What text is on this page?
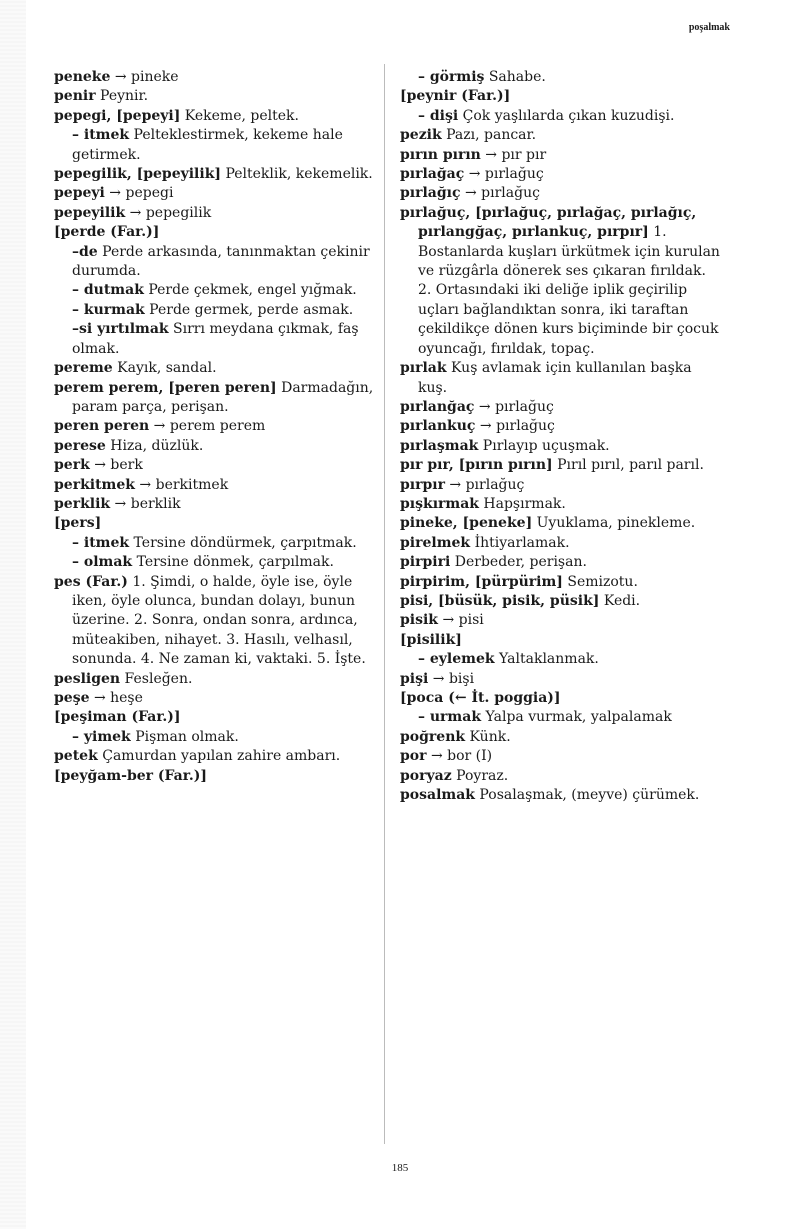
poşalmak

peneke → pineke

penir Peynir.

pepegi, [pepeyi] Kekeme, peltek.

– itmek Pelteklestirmek, kekeme hale getirmek.

pepegilik, [pepeyilik] Pelteklik, kekemelik.

pepeyi → pepegi

pepeyilik → pepegilik

[perde (Far.)]

–de Perde arkasında, tanınmaktan çekinir durumda.

– dutmak Perde çekmek, engel yığmak.

– kurmak Perde germek, perde asmak.

–si yırtılmak Sırrı meydana çıkmak, faş olmak.

pereme Kayık, sandal.

perem perem, [peren peren] Darmadağın, param parça, perişan.

peren peren → perem perem

perese Hiza, düzlük.

perk → berk

perkitmek → berkitmek

perklik → berklik

[pers]

– itmek Tersine döndürmek, çarpıtmak.

– olmak Tersine dönmek, çarpılmak.

pes (Far.) 1. Şimdi, o halde, öyle ise, öyle iken, öyle olunca, bundan dolayı, bunun üzerine. 2. Sonra, ondan sonra, ardınca, müteakiben, nihayet. 3. Hasılı, velhasıl, sonunda. 4. Ne zaman ki, vaktaki. 5. İşte.

pesligen Fesleğen.

peşe → heşe

[peşiman (Far.)]

– yimek Pişman olmak.

petek Çamurdan yapılan zahire ambarı.

[peyğam-ber (Far.)]

– görmiş Sahabe.

[peynir (Far.)]

– dişi Çok yaşlılarda çıkan kuzudişi.

pezik Pazı, pancar.

pırın pırın → pır pır

pırlağaç → pırlağuç

pırlağıç → pırlağuç

pırlağuç, [pırlağuç, pırlağaç, pırlağıç, pırlangğaç, pırlankuç, pırpır] 1. Bostanlarda kuşları ürkütmek için kurulan ve rüzgârla dönerek ses çıkaran fırıldak. 2. Ortasındaki iki deliğe iplik geçirilip uçları bağlandıktan sonra, iki taraftan çekildikçe dönen kurs biçiminde bir çocuk oyuncağı, fırıldak, topaç.

pırlak Kuş avlamak için kullanılan başka kuş.

pırlanğaç → pırlağuç

pırlankuç → pırlağuç

pırlaşmak Pırlayıp uçuşmak.

pır pır, [pırın pırın] Pırıl pırıl, parıl parıl.

pırpır → pırlağuç

pışkırmak Hapşırmak.

pineke, [peneke] Uyuklama, pinekleme.

pirelmek İhtiyarlamak.

pirpiri Derbeder, perişan.

pirpirim, [pürpürim] Semizotu.

pisi, [büsük, pisik, püsik] Kedi.

pisik → pisi

[pisilik]

– eylemek Yaltaklanmak.

pişi → bişi

[poca (← İt. poggia)]

– urmak Yalpa vurmak, yalpalamak

poğrenk Künk.

por → bor (I)

poryaz Poyraz.

posalmak Posalaşmak, (meyve) çürümek.

185
